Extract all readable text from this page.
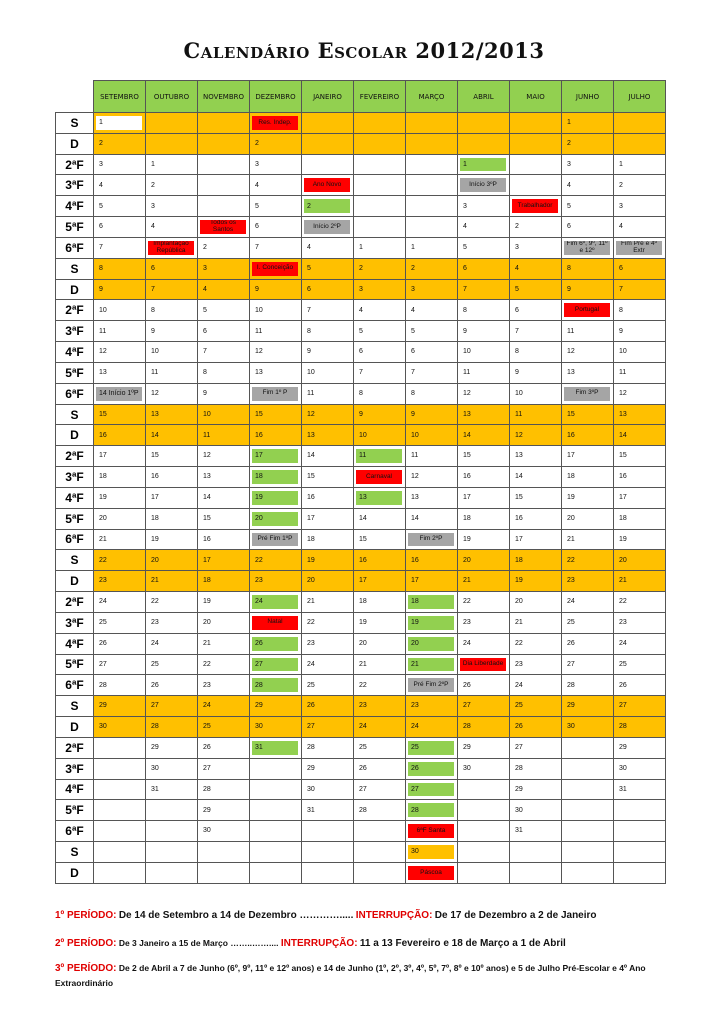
Calendário Escolar 2012/2013
	SETEMBRO	OUTUBRO	NOVEMBRO	DEZEMBRO	JANEIRO	FEVEREIRO	MARÇO	ABRIL	MAIO	JUNHO	JULHO
S	1			Res. Indep.						1	

D	2			2						2	

2ªF	3	1		3				1		3	1

3ªF	4	2		4	Ano Novo			Início 3ºP		4	2

4ªF	5	3		5	2			3	Trabalhador	5	3

5ªF	6	4	Todos os Santos	6	Início 2ºP			4	2	6	4

6ªF	7	Implantação República	2	7	4	1	1	5	3	Fim 6º, 9º, 11º e 12º	Fim Pré e 4º Extr

S	8	6	3	I. Conceição	5	2	2	6	4	8	6

D	9	7	4	9	6	3	3	7	5	9	7

2ªF	10	8	5	10	7	4	4	8	6	Portugal	8

3ªF	11	9	6	11	8	5	5	9	7	11	9

4ªF	12	10	7	12	9	6	6	10	8	12	10

5ªF	13	11	8	13	10	7	7	11	9	13	11

6ªF	14 Início 1ºP	12	9	Fim 1º P	11	8	8	12	10	Fim 3ºP	12

S	15	13	10	15	12	9	9	13	11	15	13

D	16	14	11	16	13	10	10	14	12	16	14

2ªF	17	15	12	17	14	11	11	15	13	17	15

3ªF	18	16	13	18	15	Carnaval	12	16	14	18	16

4ªF	19	17	14	19	16	13	13	17	15	19	17

5ªF	20	18	15	20	17	14	14	18	16	20	18

6ªF	21	19	16	Pré Fim 1ºP	18	15	Fim 2ºP	19	17	21	19

S	22	20	17	22	19	16	16	20	18	22	20

D	23	21	18	23	20	17	17	21	19	23	21

2ªF	24	22	19	24	21	18	18	22	20	24	22

3ªF	25	23	20	Natal	22	19	19	23	21	25	23

4ªF	26	24	21	26	23	20	20	24	22	26	24

5ªF	27	25	22	27	24	21	21	Dia Liberdade	23	27	25

6ªF	28	26	23	28	25	22	Pré Fim 2ºP	26	24	28	26

S	29	27	24	29	26	23	23	27	25	29	27

D	30	28	25	30	27	24	24	28	26	30	28

2ªF		29	26	31	28	25	25	29	27		29

3ªF		30	27		29	26	26	30	28		30

4ªF		31	28		30	27	27		29		31

5ªF			29		31	28	28		30		

6ªF			30				6ªF Santa		31		

S							30				

D							Páscoa				

1º PERÍODO: De 14 de Setembro a 14 de Dezembro …………..... INTERRUPÇÃO: De 17 de Dezembro a 2 de Janeiro
2º PERÍODO: De 3 Janeiro a 15 de Março ……..…….... INTERRUPÇÃO: 11 a 13 Fevereiro e 18 de Março a 1 de Abril
3º PERÍODO: De 2 de Abril a 7 de Junho (6º, 9º, 11º e 12º anos) e 14 de Junho (1º, 2º, 3º, 4º, 5º, 7º, 8º e 10º anos) e 5 de Julho Pré-Escolar e 4º Ano Extraordinário
